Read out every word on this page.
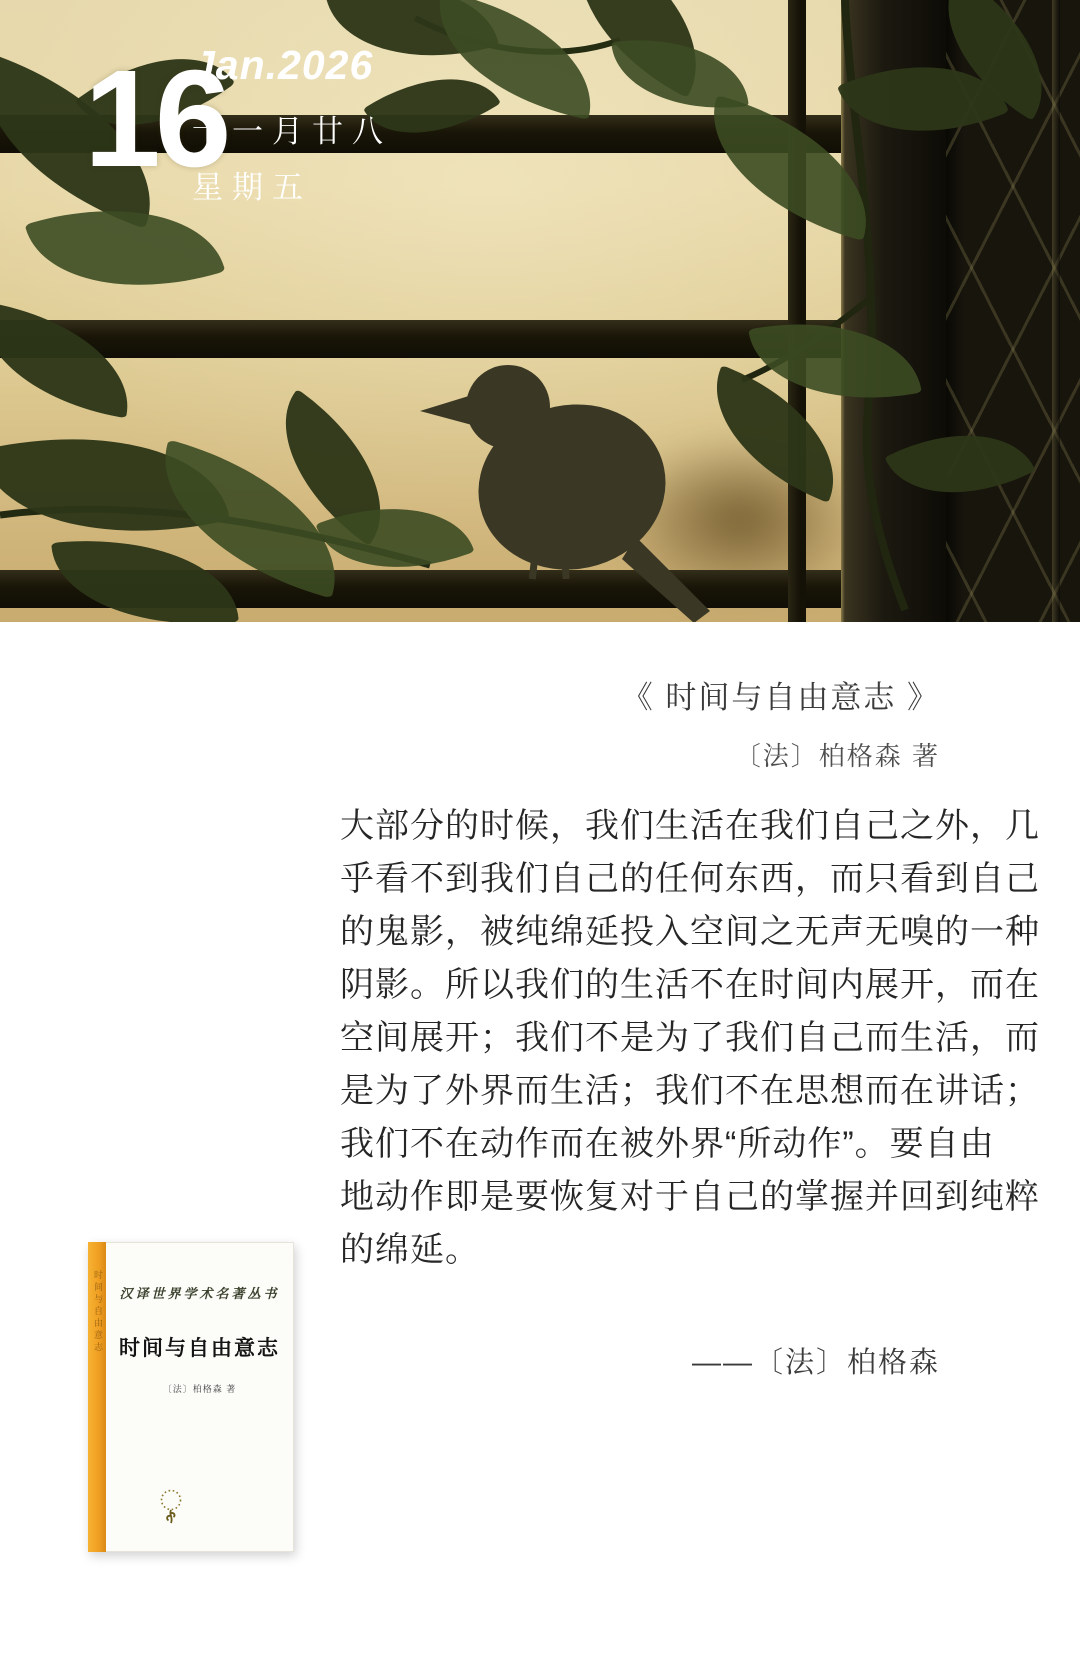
16
Jan.2026
十一月廿八
星期五
《 时间与自由意志 》
〔法〕柏格森 著
大部分的时候，我们生活在我们自己之外，几
乎看不到我们自己的任何东西，而只看到自己
的鬼影，被纯绵延投入空间之无声无嗅的一种
阴影。所以我们的生活不在时间内展开，而在
空间展开；我们不是为了我们自己而生活，而
是为了外界而生活；我们不在思想而在讲话；
我们不在动作而在被外界“所动作”。要自由
地动作即是要恢复对于自己的掌握并回到纯粹
的绵延。
——〔法〕柏格森
时间与自由意志 汉译世界学术名著丛书
时间与自由意志
〔法〕柏格森 著
